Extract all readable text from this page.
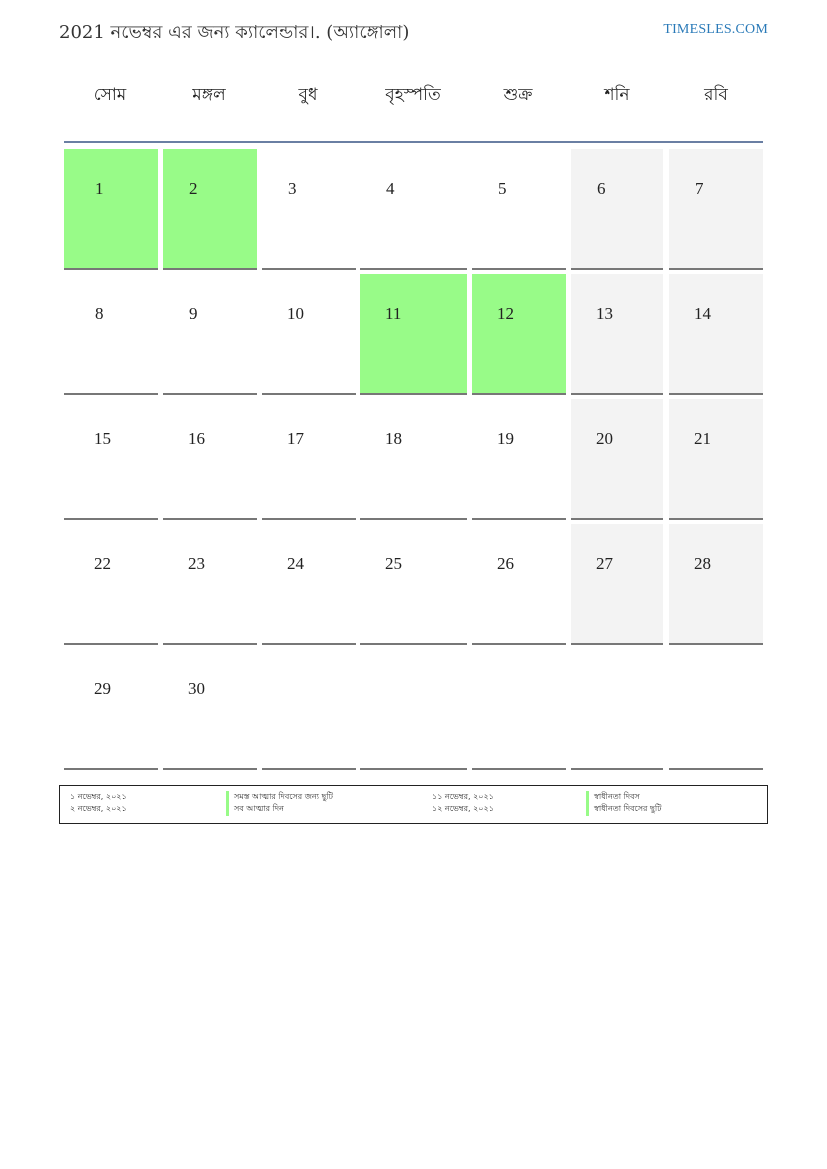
2021 নভেম্বর এর জন্য ক্যালেন্ডার।. (অ্যাঙ্গোলা)	TIMESLES.COM
সোম	মঙ্গল	বুধ	বৃহস্পতি	শুক্র	শনি	রবি
1	2	3	4	5	6	7
8	9	10	11	12	13	14
15	16	17	18	19	20	21
22	23	24	25	26	27	28
29	30
১ নভেম্বর, ২০২১	সমস্ত আত্মার দিবসের জন্য ছুটি	১১ নভেম্বর, ২০২১	স্বাধীনতা দিবস
২ নভেম্বর, ২০২১	সব আত্মার দিন	১২ নভেম্বর, ২০২১	স্বাধীনতা দিবসের ছুটি
